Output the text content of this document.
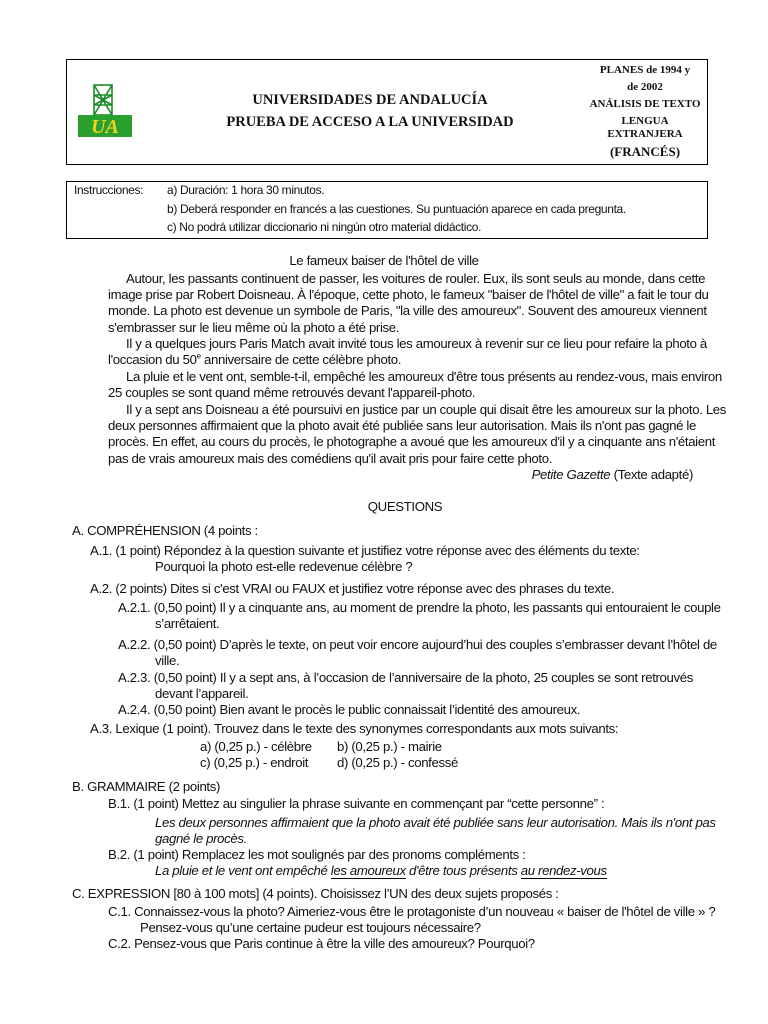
UA
UNIVERSIDADES DE ANDALUCÍA
PRUEBA DE ACCESO A LA UNIVERSIDAD
PLANES de 1994 y
de 2002
ANÁLISIS DE TEXTO
LENGUA
EXTRANJERA
(FRANCÉS)
Instrucciones: a) Duración: 1 hora 30 minutos.
b) Deberá responder en francés a las cuestiones. Su puntuación aparece en cada pregunta.
c) No podrá utilizar diccionario ni ningún otro material didáctico.
Le fameux baiser de l'hôtel de ville
Autour, les passants continuent de passer, les voitures de rouler. Eux, ils sont seuls au monde, dans cette
image prise par Robert Doisneau. À l'époque, cette photo, le fameux "baiser de l'hôtel de ville" a fait le tour du
monde. La photo est devenue un symbole de Paris, "la ville des amoureux". Souvent des amoureux viennent
s'embrasser sur le lieu même où la photo a été prise.
Il y a quelques jours Paris Match avait invité tous les amoureux à revenir sur ce lieu pour refaire la photo à
l'occasion du 50e anniversaire de cette célèbre photo.
La pluie et le vent ont, semble-t-il, empêché les amoureux d'être tous présents au rendez-vous, mais environ
25 couples se sont quand même retrouvés devant l'appareil-photo.
Il y a sept ans Doisneau a été poursuivi en justice par un couple qui disait être les amoureux sur la photo. Les
deux personnes affirmaient que la photo avait été publiée sans leur autorisation. Mais ils n'ont pas gagné le
procès. En effet, au cours du procès, le photographe a avoué que les amoureux d'il y a cinquante ans n'étaient
pas de vrais amoureux mais des comédiens qu'il avait pris pour faire cette photo.
Petite Gazette (Texte adapté)
QUESTIONS
A. COMPRÉHENSION (4 points :
A.1. (1 point) Répondez à la question suivante et justifiez votre réponse avec des éléments du texte:
Pourquoi la photo est-elle redevenue célèbre ?
A.2. (2 points) Dites si c'est VRAI ou FAUX et justifiez votre réponse avec des phrases du texte.
A.2.1. (0,50 point) Il y a cinquante ans, au moment de prendre la photo, les passants qui entouraient le couple
s’arrêtaient.
A.2.2. (0,50 point) D’après le texte, on peut voir encore aujourd’hui des couples s’embrasser devant l’hôtel de
ville.
A.2.3. (0,50 point) Il y a sept ans, à l’occasion de l’anniversaire de la photo, 25 couples se sont retrouvés
devant l’appareil.
A.2.4. (0,50 point) Bien avant le procès le public connaissait l’identité des amoureux.
A.3. Lexique (1 point). Trouvez dans le texte des synonymes correspondants aux mots suivants:
a) (0,25 p.) - célèbre b) (0,25 p.) - mairie
c) (0,25 p.) - endroit d) (0,25 p.) - confessé
B. GRAMMAIRE (2 points)
B.1. (1 point) Mettez au singulier la phrase suivante en commençant par “cette personne” :
Les deux personnes affirmaient que la photo avait été publiée sans leur autorisation. Mais ils n'ont pas
gagné le procès.
B.2. (1 point) Remplacez les mot soulignés par des pronoms compléments :
La pluie et le vent ont empêché les amoureux d'être tous présents au rendez-vous
C. EXPRESSION [80 à 100 mots] (4 points). Choisissez l’UN des deux sujets proposés :
C.1. Connaissez-vous la photo? Aimeriez-vous être le protagoniste d’un nouveau « baiser de l'hôtel de ville » ?
Pensez-vous qu’une certaine pudeur est toujours nécessaire?
C.2. Pensez-vous que Paris continue à être la ville des amoureux? Pourquoi?
